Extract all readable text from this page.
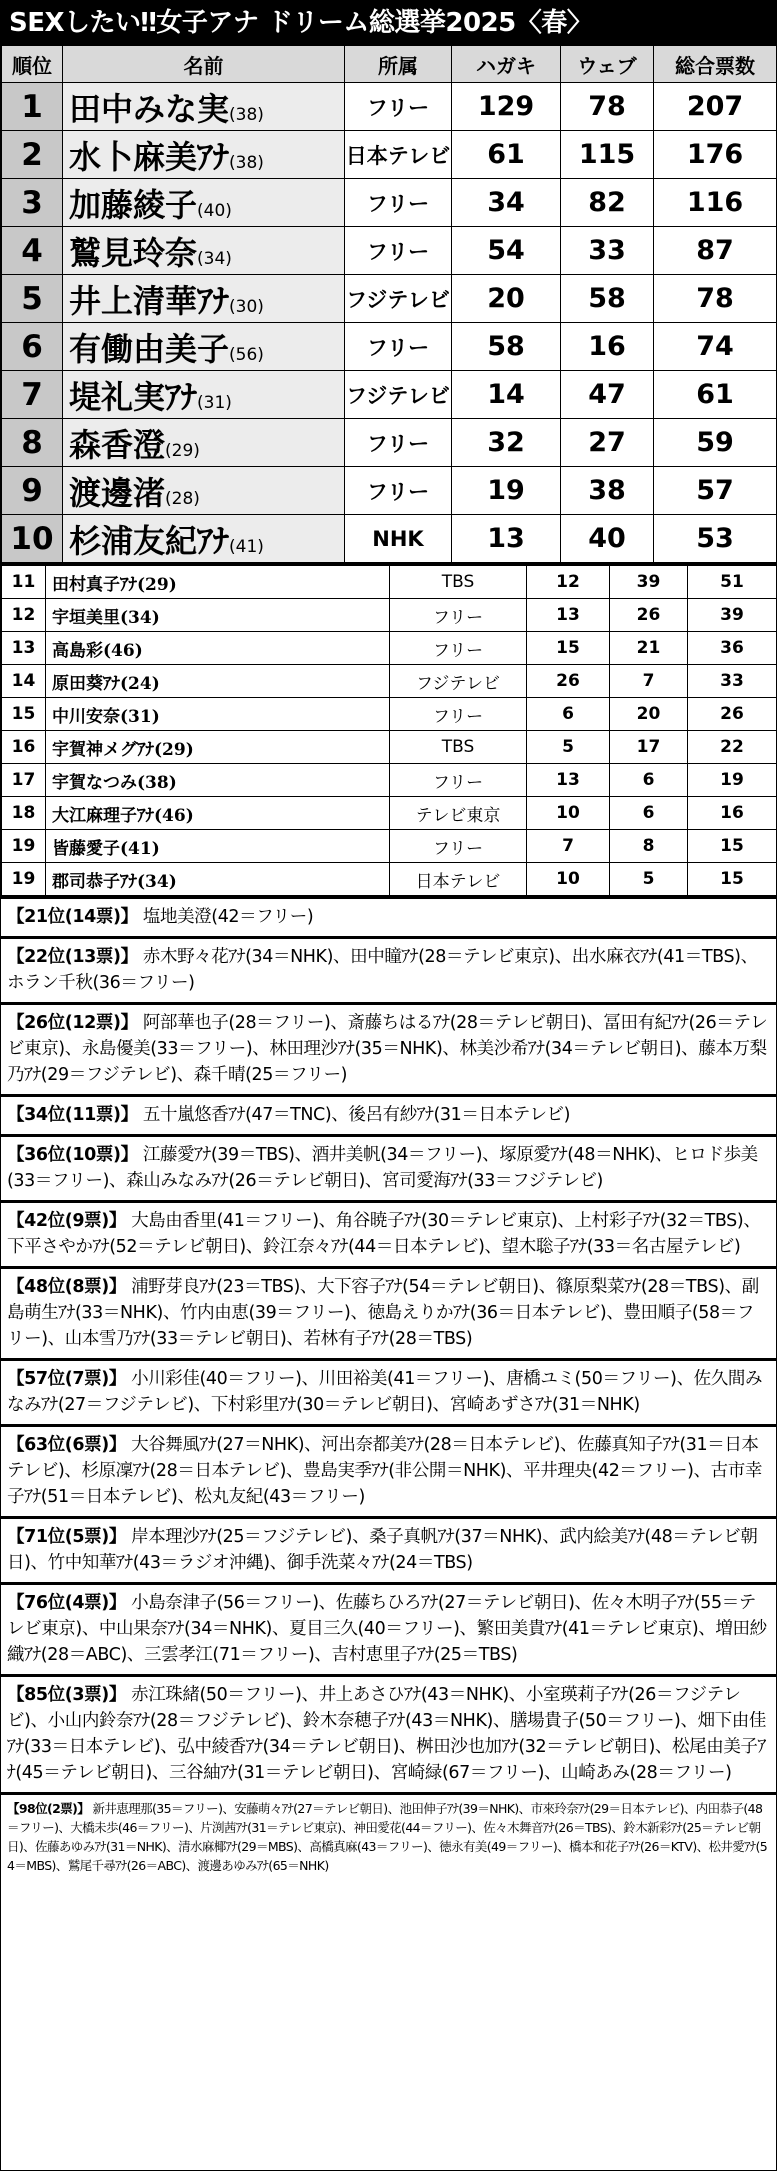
SEXしたい‼女子アナ ドリーム総選挙2025〈春〉
順位	名前	所属	ハガキ	ウェブ	総合票数
1	田中みな実(38)	フリー	129	78	207
2	水卜麻美ｱﾅ(38)	日本テレビ	61	115	176
3	加藤綾子(40)	フリー	34	82	116
4	鷲見玲奈(34)	フリー	54	33	87
5	井上清華ｱﾅ(30)	フジテレビ	20	58	78
6	有働由美子(56)	フリー	58	16	74
7	堤礼実ｱﾅ(31)	フジテレビ	14	47	61
8	森香澄(29)	フリー	32	27	59
9	渡邊渚(28)	フリー	19	38	57
10	杉浦友紀ｱﾅ(41)	NHK	13	40	53
11	田村真子ｱﾅ(29)	TBS	12	39	51
12	宇垣美里(34)	フリー	13	26	39
13	高島彩(46)	フリー	15	21	36
14	原田葵ｱﾅ(24)	フジテレビ	26	7	33
15	中川安奈(31)	フリー	6	20	26
16	宇賀神メグｱﾅ(29)	TBS	5	17	22
17	宇賀なつみ(38)	フリー	13	6	19
18	大江麻理子ｱﾅ(46)	テレビ東京	10	6	16
19	皆藤愛子(41)	フリー	7	8	15
19	郡司恭子ｱﾅ(34)	日本テレビ	10	5	15
【21位(14票)】 塩地美澄(42＝フリー)
【22位(13票)】 赤木野々花ｱﾅ(34＝NHK)、田中瞳ｱﾅ(28＝テレビ東京)、出水麻衣ｱﾅ(41＝TBS)、ホラン千秋(36＝フリー)
【26位(12票)】 阿部華也子(28＝フリー)、斎藤ちはるｱﾅ(28＝テレビ朝日)、冨田有紀ｱﾅ(26＝テレビ東京)、永島優美(33＝フリー)、林田理沙ｱﾅ(35＝NHK)、林美沙希ｱﾅ(34＝テレビ朝日)、藤本万梨乃ｱﾅ(29＝フジテレビ)、森千晴(25＝フリー)
【34位(11票)】 五十嵐悠香ｱﾅ(47＝TNC)、後呂有紗ｱﾅ(31＝日本テレビ)
【36位(10票)】 江藤愛ｱﾅ(39＝TBS)、酒井美帆(34＝フリー)、塚原愛ｱﾅ(48＝NHK)、ヒロド歩美(33＝フリー)、森山みなみｱﾅ(26＝テレビ朝日)、宮司愛海ｱﾅ(33＝フジテレビ)
【42位(9票)】 大島由香里(41＝フリー)、角谷暁子ｱﾅ(30＝テレビ東京)、上村彩子ｱﾅ(32＝TBS)、下平さやかｱﾅ(52＝テレビ朝日)、鈴江奈々ｱﾅ(44＝日本テレビ)、望木聡子ｱﾅ(33＝名古屋テレビ)
【48位(8票)】 浦野芽良ｱﾅ(23＝TBS)、大下容子ｱﾅ(54＝テレビ朝日)、篠原梨菜ｱﾅ(28＝TBS)、副島萌生ｱﾅ(33＝NHK)、竹内由恵(39＝フリー)、徳島えりかｱﾅ(36＝日本テレビ)、豊田順子(58＝フリー)、山本雪乃ｱﾅ(33＝テレビ朝日)、若林有子ｱﾅ(28＝TBS)
【57位(7票)】 小川彩佳(40＝フリー)、川田裕美(41＝フリー)、唐橋ユミ(50＝フリー)、佐久間みなみｱﾅ(27＝フジテレビ)、下村彩里ｱﾅ(30＝テレビ朝日)、宮崎あずさｱﾅ(31＝NHK)
【63位(6票)】 大谷舞風ｱﾅ(27＝NHK)、河出奈都美ｱﾅ(28＝日本テレビ)、佐藤真知子ｱﾅ(31＝日本テレビ)、杉原凜ｱﾅ(28＝日本テレビ)、豊島実季ｱﾅ(非公開＝NHK)、平井理央(42＝フリー)、古市幸子ｱﾅ(51＝日本テレビ)、松丸友紀(43＝フリー)
【71位(5票)】 岸本理沙ｱﾅ(25＝フジテレビ)、桑子真帆ｱﾅ(37＝NHK)、武内絵美ｱﾅ(48＝テレビ朝日)、竹中知華ｱﾅ(43＝ラジオ沖縄)、御手洗菜々ｱﾅ(24＝TBS)
【76位(4票)】 小島奈津子(56＝フリー)、佐藤ちひろｱﾅ(27＝テレビ朝日)、佐々木明子ｱﾅ(55＝テレビ東京)、中山果奈ｱﾅ(34＝NHK)、夏目三久(40＝フリー)、繁田美貴ｱﾅ(41＝テレビ東京)、増田紗織ｱﾅ(28＝ABC)、三雲孝江(71＝フリー)、吉村恵里子ｱﾅ(25＝TBS)
【85位(3票)】 赤江珠緒(50＝フリー)、井上あさひｱﾅ(43＝NHK)、小室瑛莉子ｱﾅ(26＝フジテレビ)、小山内鈴奈ｱﾅ(28＝フジテレビ)、鈴木奈穂子ｱﾅ(43＝NHK)、膳場貴子(50＝フリー)、畑下由佳ｱﾅ(33＝日本テレビ)、弘中綾香ｱﾅ(34＝テレビ朝日)、桝田沙也加ｱﾅ(32＝テレビ朝日)、松尾由美子ｱﾅ(45＝テレビ朝日)、三谷紬ｱﾅ(31＝テレビ朝日)、宮崎緑(67＝フリー)、山崎あみ(28＝フリー)
【98位(2票)】 新井恵理那(35＝フリー)、安藤萌々ｱﾅ(27＝テレビ朝日)、池田伸子ｱﾅ(39＝NHK)、市來玲奈ｱﾅ(29＝日本テレビ)、内田恭子(48＝フリー)、大橋未歩(46＝フリー)、片渕茜ｱﾅ(31＝テレビ東京)、神田愛花(44＝フリー)、佐々木舞音ｱﾅ(26＝TBS)、鈴木新彩ｱﾅ(25＝テレビ朝日)、佐藤あゆみｱﾅ(31＝NHK)、清水麻椰ｱﾅ(29＝MBS)、高橋真麻(43＝フリー)、徳永有美(49＝フリー)、橋本和花子ｱﾅ(26＝KTV)、松井愛ｱﾅ(54＝MBS)、鷲尾千尋ｱﾅ(26＝ABC)、渡邊あゆみｱﾅ(65＝NHK)
